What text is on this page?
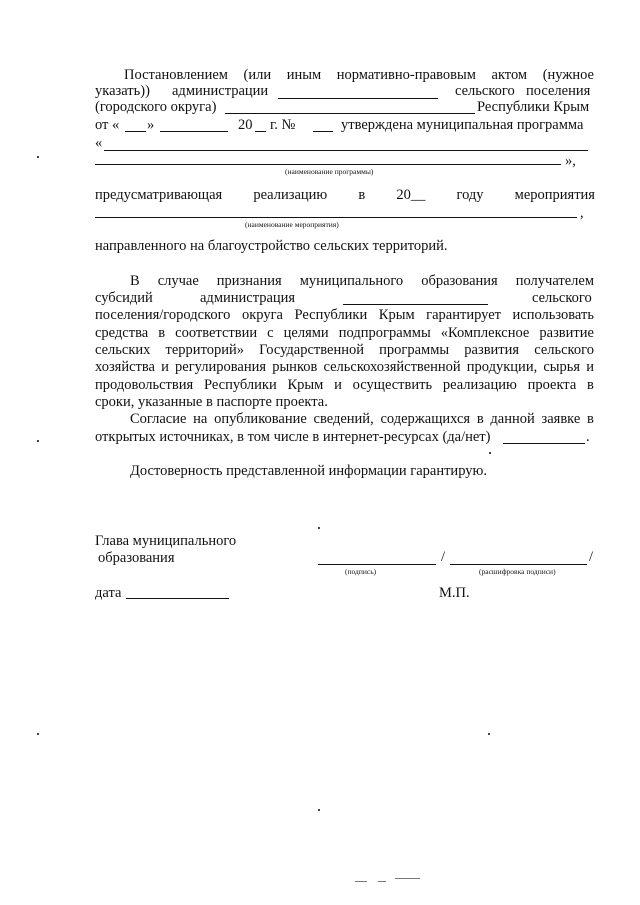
Постановлением (или иным нормативно-правовым актом (нужное
указать)) администрации	сельского поселения
(городского округа)	Республики Крым
от « »	20 г. №	утверждена муниципальная программа
«
»,
(наименование программы)
предусматривающая реализацию в 20__ году мероприятия
,
(наименование мероприятия)
направленного на благоустройство сельских территорий.
В случае признания муниципального образования получателем
субсидий	администрация	сельского
поселения/городского округа Республики Крым гарантирует использовать
средства в соответствии с целями подпрограммы «Комплексное развитие
сельских территорий» Государственной программы развития сельского
хозяйства и регулирования рынков сельскохозяйственной продукции, сырья и
продовольствия Республики Крым и осуществить реализацию проекта в
сроки, указанные в паспорте проекта.
Согласие на опубликование сведений, содержащихся в данной заявке в
открытых источниках, в том числе в интернет-ресурсах (да/нет)	.
Достоверность представленной информации гарантирую.
Глава муниципального
образования	/	/
(подпись)	(расшифровка подписи)
дата	М.П.
